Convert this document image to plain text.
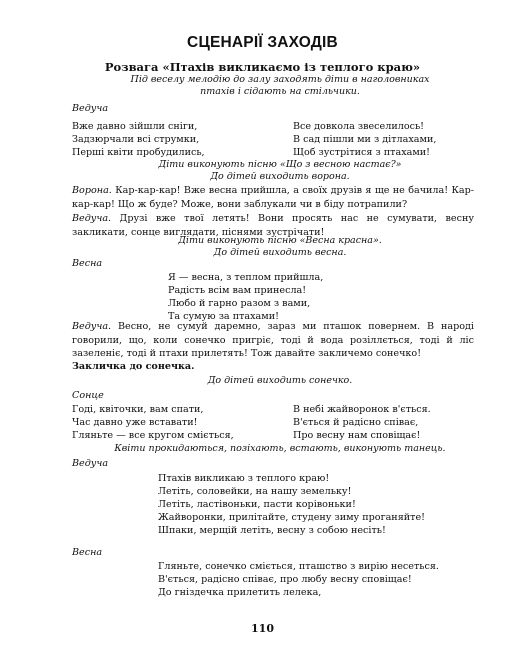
СЦЕНАРІЇ ЗАХОДІВ
Розвага «Птахів викликаємо із теплого краю»
Під веселу мелодію до залу заходять діти в наголовниках
птахів і сідають на стільчики.
Ведуча
Вже давно зійшли сніги,
Задзюрчали всі струмки,
Перші квіти пробудились,
Все довкола звеселилось!
В сад пішли ми з дітлахами,
Щоб зустрітися з птахами!
Діти виконують пісню «Що з весною настає?»
До дітей виходить ворона.
Ворона. Кар-кар-кар! Вже весна прийшла, а своїх друзів я ще не бачила! Кар-кар-кар! Що ж буде? Може, вони заблукали чи в біду потрапили?
Ведуча. Друзі вже твої летять! Вони просять нас не сумувати, весну закликати, сонце виглядати, піснями зустрічати!
Діти виконують пісню «Весна красна».
До дітей виходить весна.
Весна
Я — весна, з теплом прийшла,
Радість всім вам принесла!
Любо й гарно разом з вами,
Та сумую за птахами!
Ведуча. Весно, не сумуй даремно, зараз ми пташок повернем. В народі говорили, що, коли сонечко пригріє, тоді й вода розіллється, тоді й ліс зазеленіє, тоді й птахи прилетять! Тож давайте закличемо сонечко!
Закличка до сонечка.
До дітей виходить сонечко.
Сонце
Годі, квіточки, вам спати,
Час давно уже вставати!
Гляньте — все кругом сміється,
В небі жайворонок в'ється.
В'ється й радісно співає,
Про весну нам сповіщає!
Квіти прокидаються, позіхають, встають, виконують танець.
Ведуча
Птахів викликаю з теплого краю!
Летіть, соловейки, на нашу земельку!
Летіть, ластівоньки, пасти корівоньки!
Жайворонки, прилітайте, студену зиму проганяйте!
Шпаки, мерщій летіть, весну з собою несіть!
Весна
Гляньте, сонечко сміється, пташство з вирію несеться.
В'ється, радісно співає, про любу весну сповіщає!
До гніздечка прилетить лелека,
110
